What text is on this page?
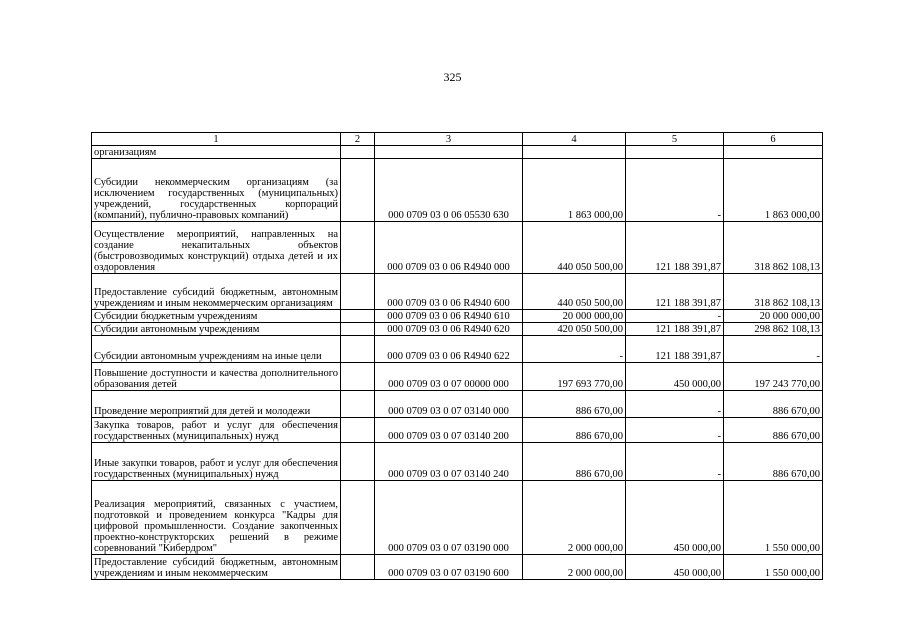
325
1	2	3	4	5	6
организациям					
Субсидии некоммерческим организациям (за исключением государственных (муниципальных) учреждений, государственных корпораций (компаний), публично-правовых компаний)		000 0709 03 0 06 05530 630	1 863 000,00	-	1 863 000,00
Осуществление мероприятий, направленных на создание некапитальных объектов (быстровозводимых конструкций) отдыха детей и их оздоровления		000 0709 03 0 06 R4940 000	440 050 500,00	121 188 391,87	318 862 108,13
Предоставление субсидий бюджетным, автономным учреждениям и иным некоммерческим организациям		000 0709 03 0 06 R4940 600	440 050 500,00	121 188 391,87	318 862 108,13
Субсидии бюджетным учреждениям		000 0709 03 0 06 R4940 610	20 000 000,00	-	20 000 000,00
Субсидии автономным учреждениям		000 0709 03 0 06 R4940 620	420 050 500,00	121 188 391,87	298 862 108,13
Субсидии автономным учреждениям на иные цели		000 0709 03 0 06 R4940 622	-	121 188 391,87	-
Повышение доступности и качества дополнительного образования детей		000 0709 03 0 07 00000 000	197 693 770,00	450 000,00	197 243 770,00
Проведение мероприятий для детей и молодежи		000 0709 03 0 07 03140 000	886 670,00	-	886 670,00
Закупка товаров, работ и услуг для обеспечения государственных (муниципальных) нужд		000 0709 03 0 07 03140 200	886 670,00	-	886 670,00
Иные закупки товаров, работ и услуг для обеспечения государственных (муниципальных) нужд		000 0709 03 0 07 03140 240	886 670,00	-	886 670,00
Реализация мероприятий, связанных с участием, подготовкой и проведением конкурса "Кадры для цифровой промышленности. Создание закопченных проектно-конструкторских решений в режиме соревнований "Кибердром"		000 0709 03 0 07 03190 000	2 000 000,00	450 000,00	1 550 000,00
Предоставление субсидий бюджетным, автономным учреждениям и иным некоммерческим		000 0709 03 0 07 03190 600	2 000 000,00	450 000,00	1 550 000,00
